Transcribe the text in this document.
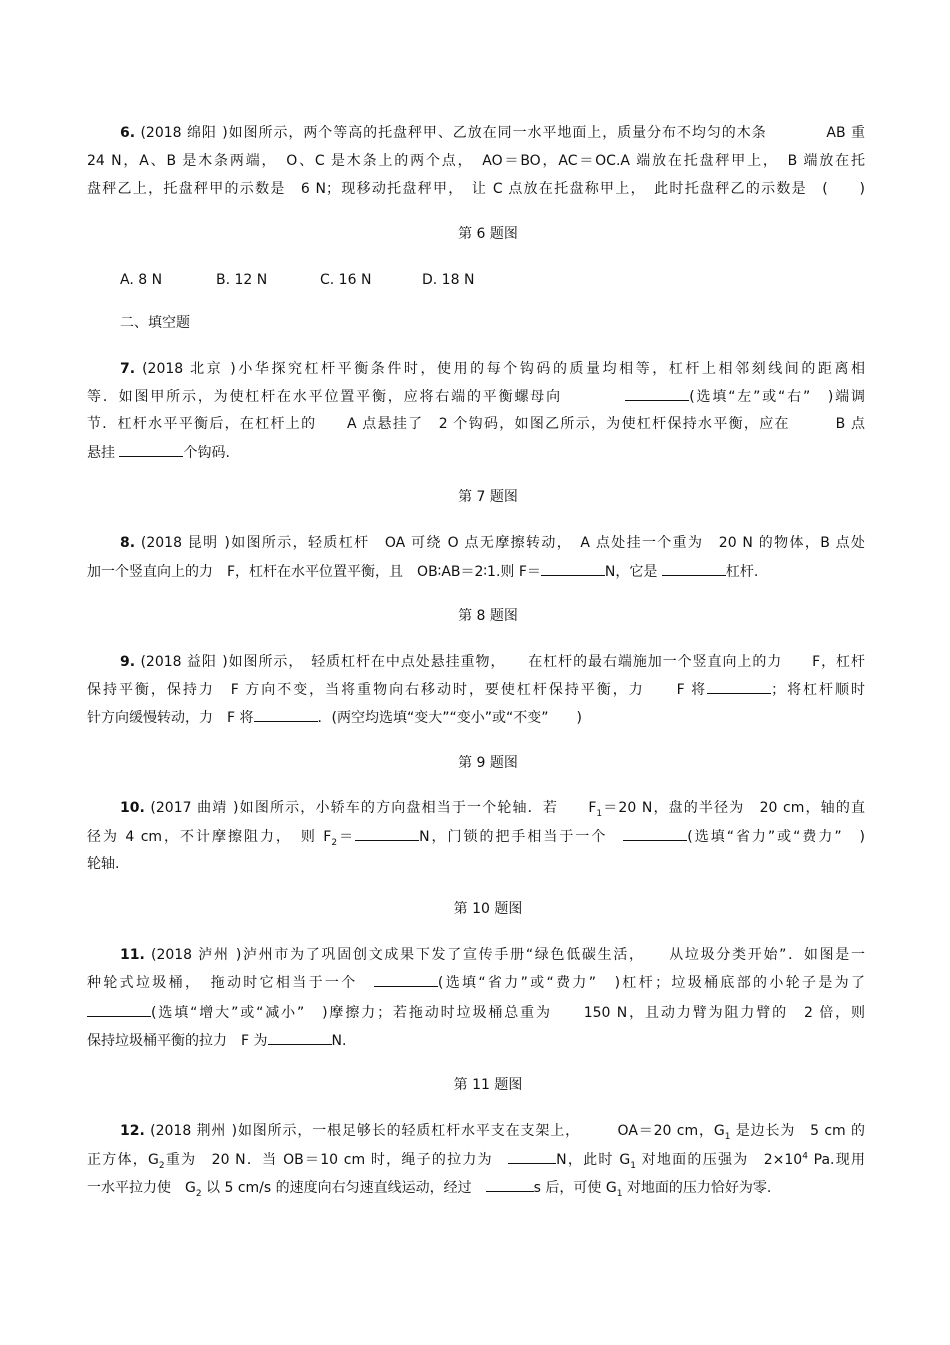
6. (2018 绵阳 )如图所示，两个等高的托盘秤甲、乙放在同一水平地面上，质量分布不均匀的木条　　　　AB 重

24 N，A、B 是木条两端，　O、C 是木条上的两个点，　AO＝BO，AC＝OC.A 端放在托盘秤甲上，　B 端放在托

盘秤乙上，托盘秤甲的示数是　6 N；现移动托盘秤甲，　让 C 点放在托盘称甲上，　此时托盘秤乙的示数是　(　　)

第 6 题图

A. 8 N	B. 12 N	C. 16 N	D. 18 N

二、填空题

7. (2018 北京 )小华探究杠杆平衡条件时，使用的每个钩码的质量均相等，杠杆上相邻刻线间的距离相

等．如图甲所示，为使杠杆在水平位置平衡，应将右端的平衡螺母向　　　　	(选填“左”或“右”　)端调

节．杠杆水平平衡后，在杠杆上的　　A 点悬挂了　2 个钩码，如图乙所示，为使杠杆保持水平衡，应在　　　B 点

悬挂	个钩码.

第 7 题图

8. (2018 昆明 )如图所示，轻质杠杆　OA 可绕 O 点无摩擦转动，　A 点处挂一个重为　20 N 的物体，B 点处

加一个竖直向上的力　F，杠杆在水平位置平衡，且　OB∶AB＝2∶1.则 F＝	N，它是	杠杆.

第 8 题图

9. (2018 益阳 )如图所示，　轻质杠杆在中点处悬挂重物，　　在杠杆的最右端施加一个竖直向上的力　　F，杠杆

保持平衡，保持力　F 方向不变，当将重物向右移动时，要使杠杆保持平衡，力　　F 将	；将杠杆顺时

针方向缓慢转动，力　F 将	．(两空均选填“变大”“变小”或“不变”　　)

第 9 题图

10. (2017 曲靖 )如图所示，小轿车的方向盘相当于一个轮轴．若　　$F_1=20$ N，盘的半径为　20 cm，轴的直

径为 4 cm，不计摩擦阻力，　则 $F_2=$	N，门锁的把手相当于一个　	(选填“省力”或“费力”　)

轮轴.

第 10 题图

11. (2018 泸州 )泸州市为了巩固创文成果下发了宣传手册“绿色低碳生活，　　从垃圾分类开始”．如图是一

种轮式垃圾桶，　拖动时它相当于一个　	(选填“省力”或“费力”　)杠杆；垃圾桶底部的小轮子是为了

(选填“增大”或“减小”　)摩擦力；若拖动时垃圾桶总重为　　150 N，且动力臂为阻力臂的　2 倍，则

保持垃圾桶平衡的拉力　F 为	N.

第 11 题图

12. (2018 荆州 )如图所示，一根足够长的轻质杠杆水平支在支架上，　　　OA＝20 cm，$G_1$ 是边长为　5 cm 的

正方体，$G_2$重为　20 N．当 OB＝10 cm 时，绳子的拉力为　	N，此时 $G_1$ 对地面的压强为　$2\times 10^4$ Pa.现用

一水平拉力使　$G_2$ 以 5 cm/s 的速度向右匀速直线运动，经过　	s 后，可使 $G_1$ 对地面的压力恰好为零.
